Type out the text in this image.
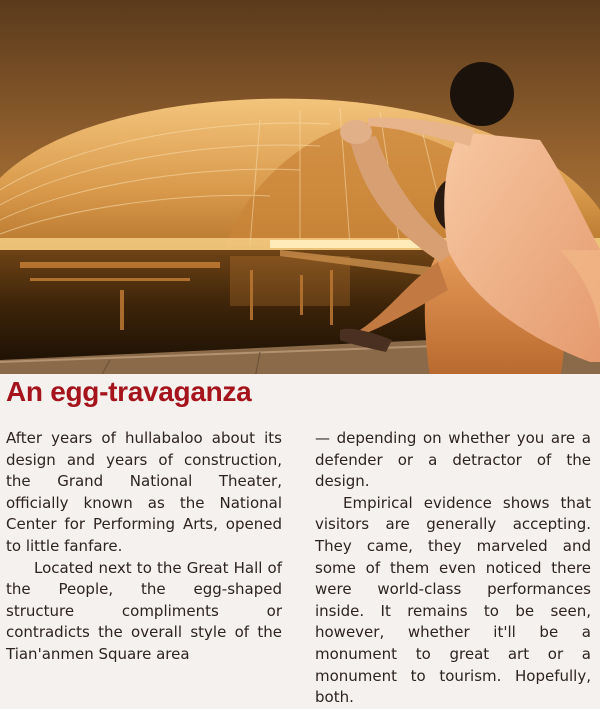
An egg-travaganza

After years of hullabaloo about its design and years of construction, the Grand National Theater, officially known as the National Center for Performing Arts, opened to little fanfare.

Located next to the Great Hall of the People, the egg-shaped structure compliments or contradicts the overall style of the Tian'anmen Square area

— depending on whether you are a defender or a detractor of the design.

Empirical evidence shows that visitors are generally accepting. They came, they marveled and some of them even noticed there were world-class performances inside. It remains to be seen, however, whether it'll be a monument to great art or a monument to tourism. Hopefully, both.
